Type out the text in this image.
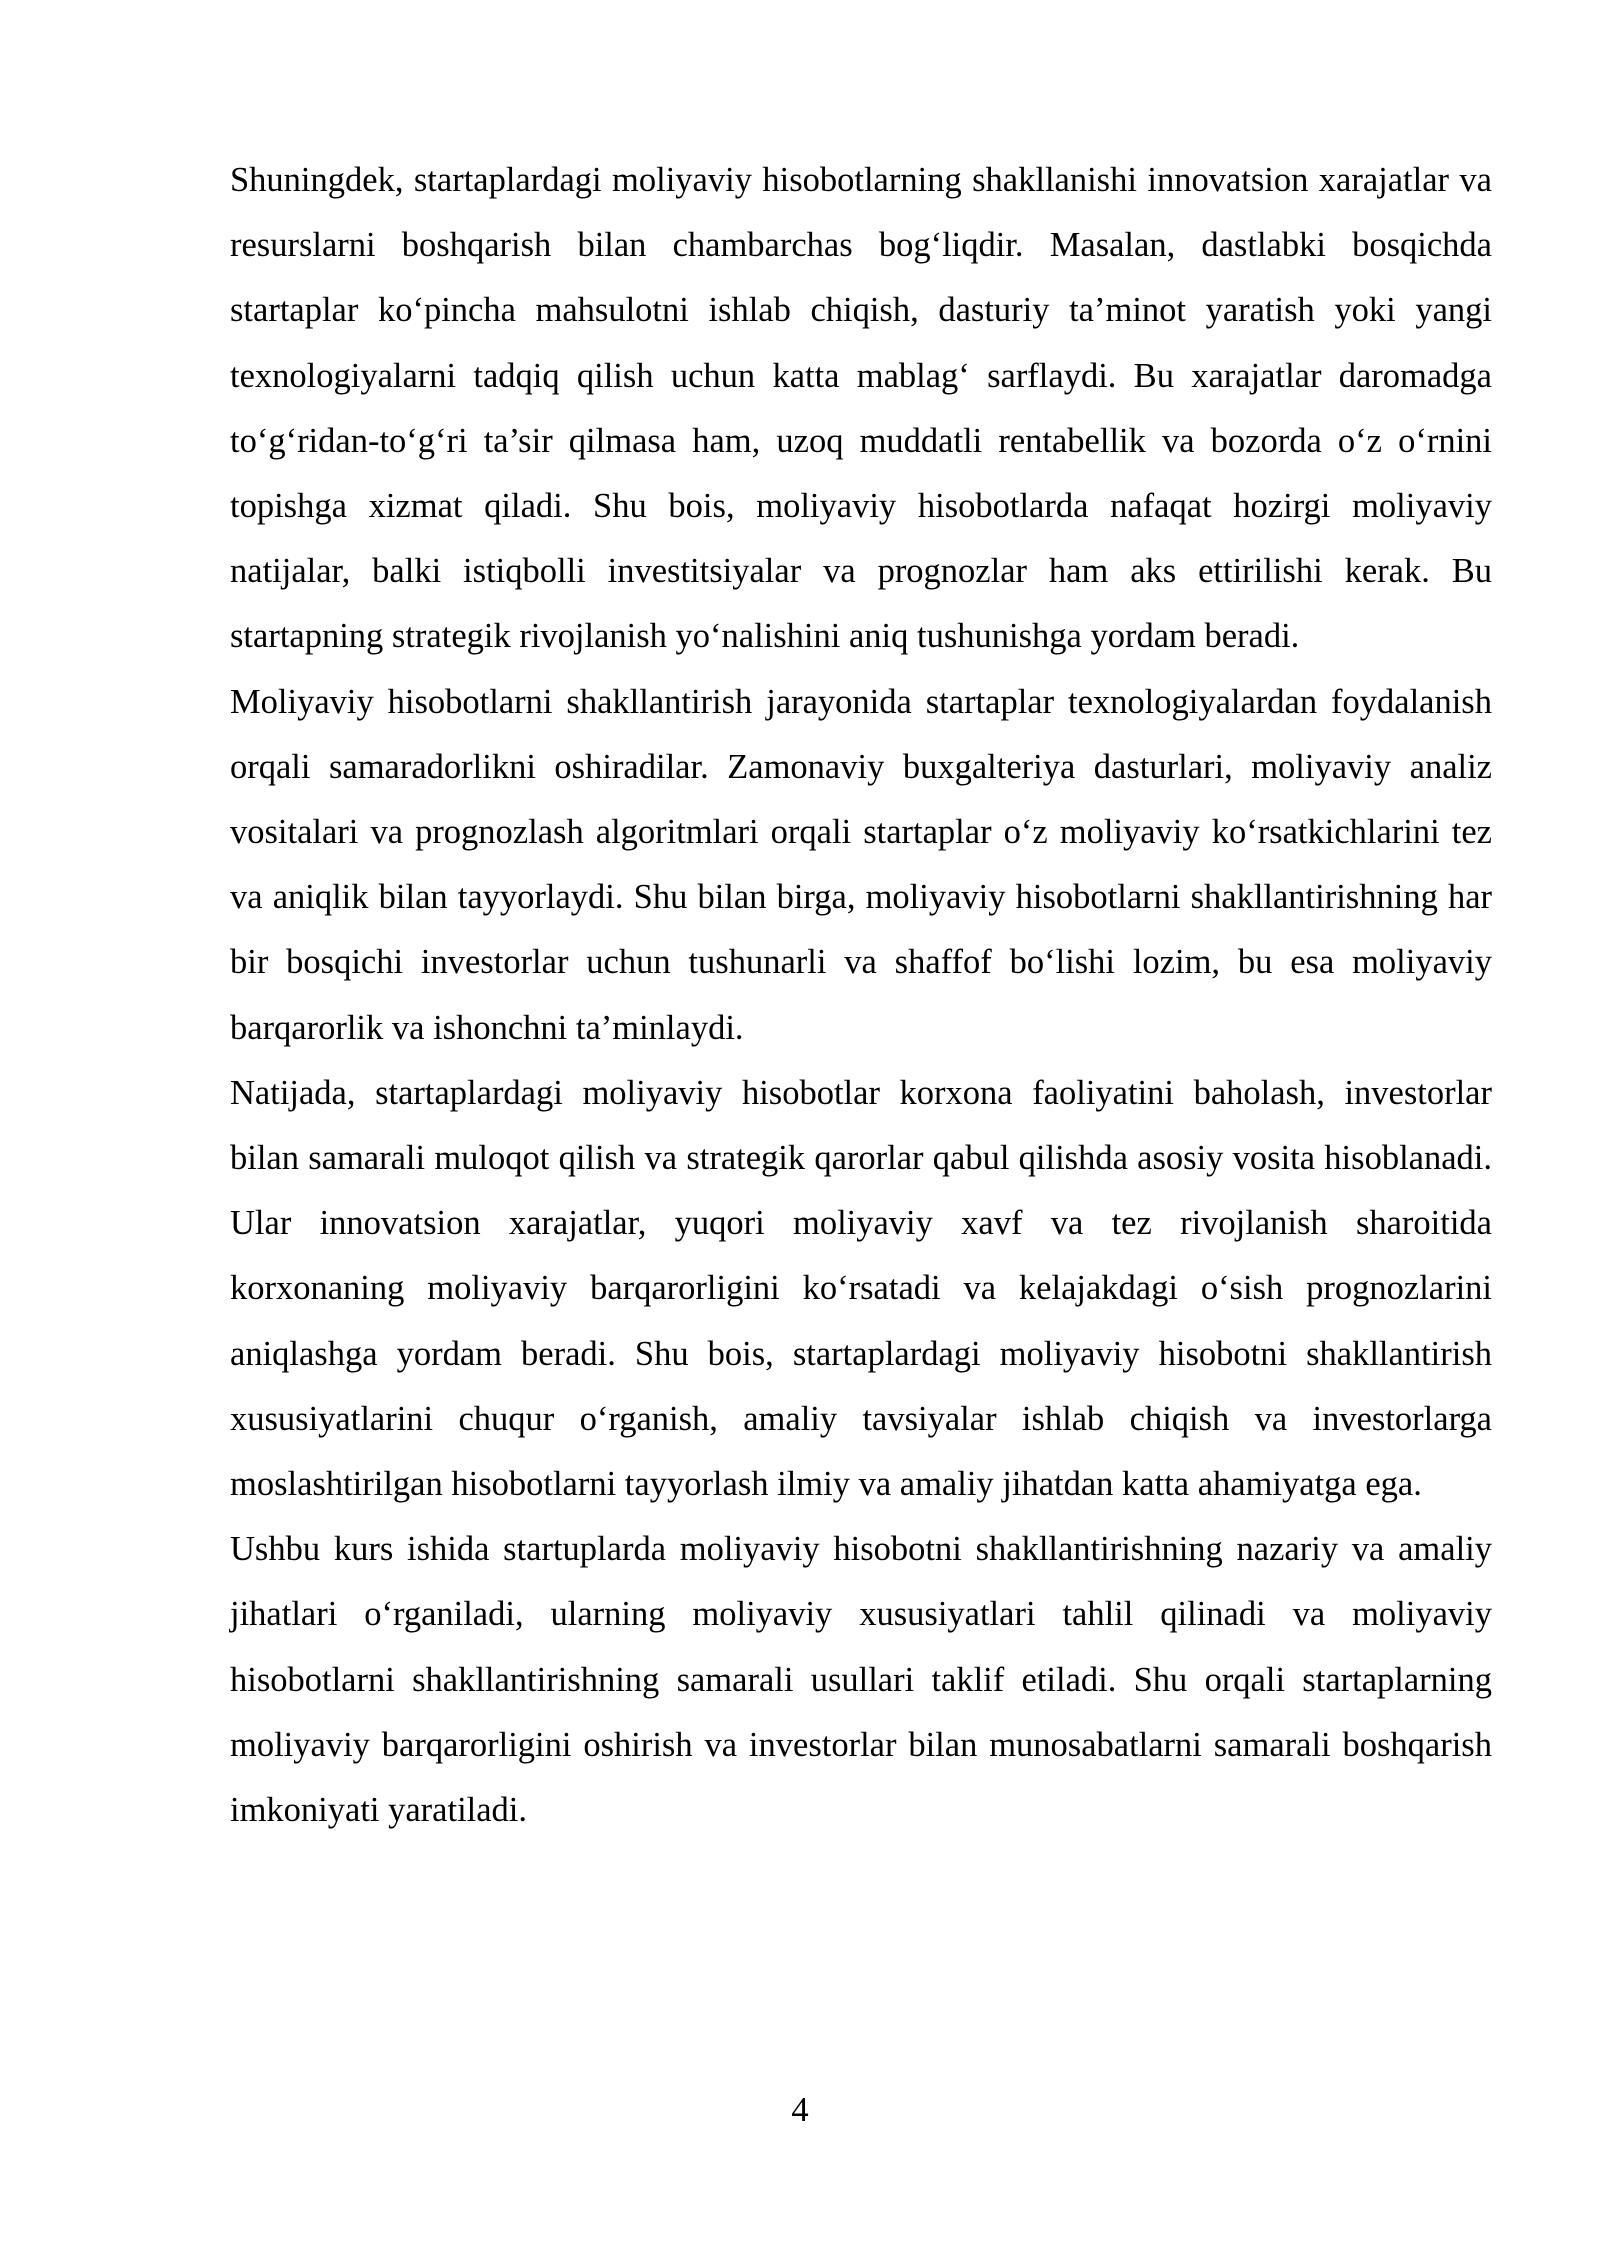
Shuningdek, startaplardagi moliyaviy hisobotlarning shakllanishi innovatsion xarajatlar va resurslarni boshqarish bilan chambarchas bog‘liqdir. Masalan, dastlabki bosqichda startaplar ko‘pincha mahsulotni ishlab chiqish, dasturiy ta’minot yaratish yoki yangi texnologiyalarni tadqiq qilish uchun katta mablag‘ sarflaydi. Bu xarajatlar daromadga to‘g‘ridan-to‘g‘ri ta’sir qilmasa ham, uzoq muddatli rentabellik va bozorda o‘z o‘rnini topishga xizmat qiladi. Shu bois, moliyaviy hisobotlarda nafaqat hozirgi moliyaviy natijalar, balki istiqbolli investitsiyalar va prognozlar ham aks ettirilishi kerak. Bu startapning strategik rivojlanish yo‘nalishini aniq tushunishga yordam beradi.

Moliyaviy hisobotlarni shakllantirish jarayonida startaplar texnologiyalardan foydalanish orqali samaradorlikni oshiradilar. Zamonaviy buxgalteriya dasturlari, moliyaviy analiz vositalari va prognozlash algoritmlari orqali startaplar o‘z moliyaviy ko‘rsatkichlarini tez va aniqlik bilan tayyorlaydi. Shu bilan birga, moliyaviy hisobotlarni shakllantirishning har bir bosqichi investorlar uchun tushunarli va shaffof bo‘lishi lozim, bu esa moliyaviy barqarorlik va ishonchni ta’minlaydi.

Natijada, startaplardagi moliyaviy hisobotlar korxona faoliyatini baholash, investorlar bilan samarali muloqot qilish va strategik qarorlar qabul qilishda asosiy vosita hisoblanadi. Ular innovatsion xarajatlar, yuqori moliyaviy xavf va tez rivojlanish sharoitida korxonaning moliyaviy barqarorligini ko‘rsatadi va kelajakdagi o‘sish prognozlarini aniqlashga yordam beradi. Shu bois, startaplardagi moliyaviy hisobotni shakllantirish xususiyatlarini chuqur o‘rganish, amaliy tavsiyalar ishlab chiqish va investorlarga moslashtirilgan hisobotlarni tayyorlash ilmiy va amaliy jihatdan katta ahamiyatga ega.

Ushbu kurs ishida startuplarda moliyaviy hisobotni shakllantirishning nazariy va amaliy jihatlari o‘rganiladi, ularning moliyaviy xususiyatlari tahlil qilinadi va moliyaviy hisobotlarni shakllantirishning samarali usullari taklif etiladi. Shu orqali startaplarning moliyaviy barqarorligini oshirish va investorlar bilan munosabatlarni samarali boshqarish imkoniyati yaratiladi.

4
